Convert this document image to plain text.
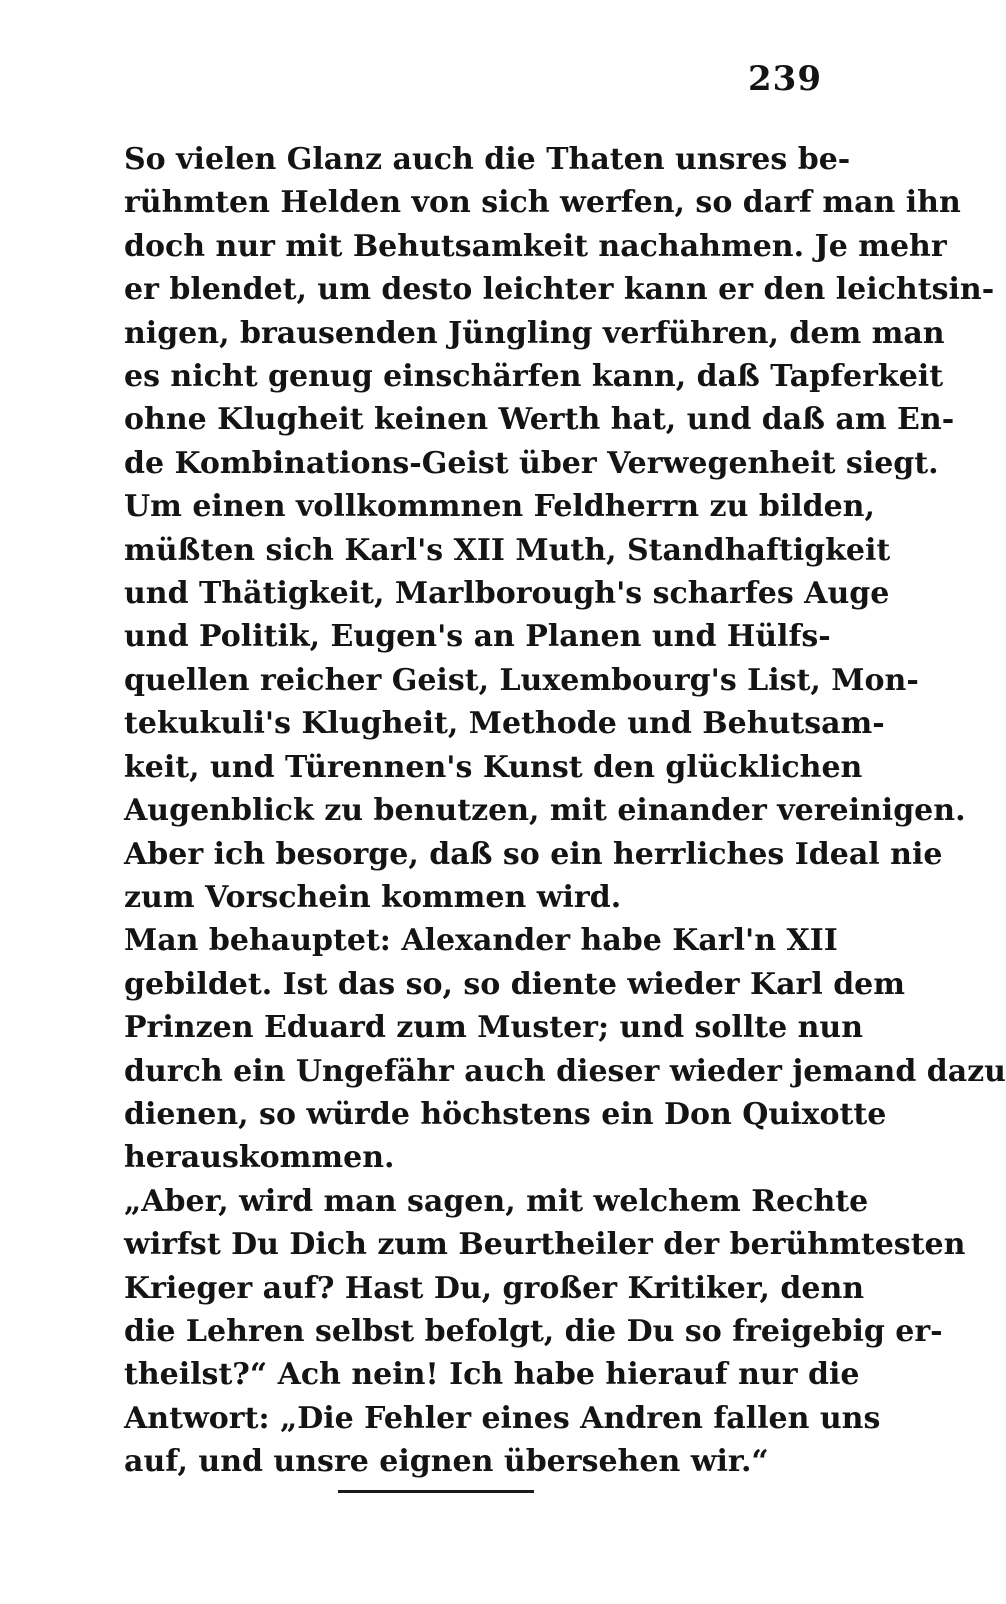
239

So vielen Glanz auch die Thaten unsres be-
rühmten Helden von sich werfen, so darf man ihn
doch nur mit Behutsamkeit nachahmen. Je mehr
er blendet, um desto leichter kann er den leichtsin-
nigen, brausenden Jüngling verführen, dem man
es nicht genug einschärfen kann, daß Tapferkeit
ohne Klugheit keinen Werth hat, und daß am En-
de Kombinations-Geist über Verwegenheit siegt.

Um einen vollkommnen Feldherrn zu bilden,
müßten sich Karl's XII Muth, Standhaftigkeit
und Thätigkeit, Marlborough's scharfes Auge
und Politik, Eugen's an Planen und Hülfs-
quellen reicher Geist, Luxembourg's List, Mon-
tekukuli's Klugheit, Methode und Behutsam-
keit, und Türennen's Kunst den glücklichen
Augenblick zu benutzen, mit einander vereinigen.
Aber ich besorge, daß so ein herrliches Ideal nie
zum Vorschein kommen wird.

Man behauptet: Alexander habe Karl'n XII
gebildet. Ist das so, so diente wieder Karl dem
Prinzen Eduard zum Muster; und sollte nun
durch ein Ungefähr auch dieser wieder jemand dazu
dienen, so würde höchstens ein Don Quixotte
herauskommen.

„Aber, wird man sagen, mit welchem Rechte
wirfst Du Dich zum Beurtheiler der berühmtesten
Krieger auf? Hast Du, großer Kritiker, denn
die Lehren selbst befolgt, die Du so freigebig er-
theilst?“ Ach nein! Ich habe hierauf nur die
Antwort: „Die Fehler eines Andren fallen uns
auf, und unsre eignen übersehen wir.“
